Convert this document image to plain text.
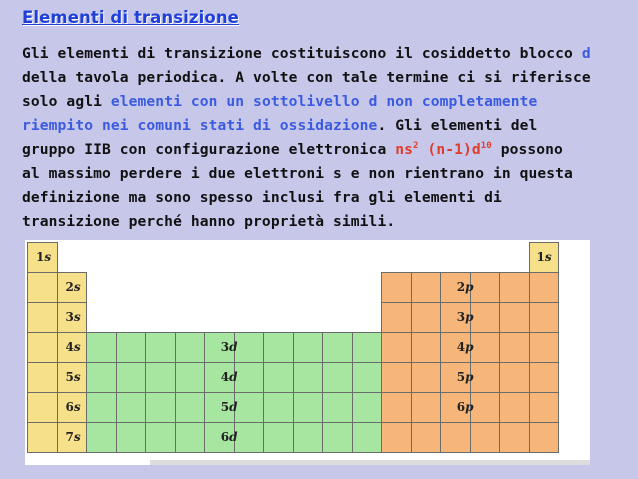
Elementi di transizione
Gli elementi di transizione costituiscono il cosiddetto blocco d
della tavola periodica. A volte con tale termine ci si riferisce
solo agli elementi con un sottolivello d non completamente
riempito nei comuni stati di ossidazione. Gli elementi del
gruppo IIB con configurazione elettronica $ns^2$ $(n-1)d^{10}$ possono
al massimo perdere i due elettroni s e non rientrano in questa
definizione ma sono spesso inclusi fra gli elementi di
transizione perché hanno proprietà simili.
1s
2s
3s
4s
5s
6s
7s
2p
3p
4p
5p
6p
3d
4d
5d
6d
1s
